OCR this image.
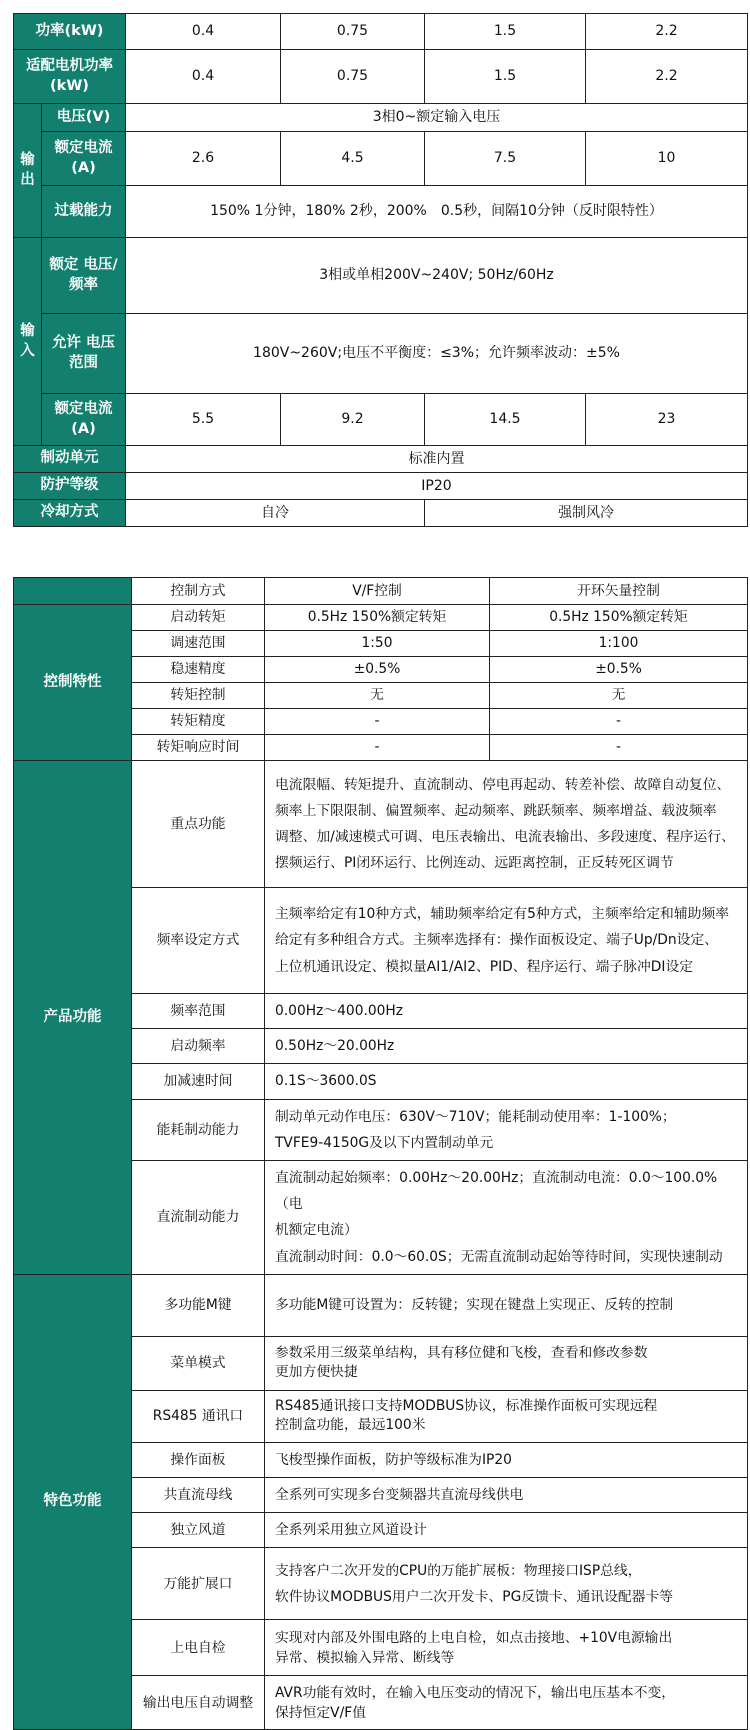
功率(kW)		0.4	0.75	1.5	2.2
适配电机功率 (kW)		0.4	0.75	1.5	2.2
输出	电压(V)	3相0~额定输入电压			
	额定电流 (A)	2.6	4.5	7.5	10
	过载能力	150% 1分钟，180% 2秒，200%　0.5秒，间隔10分钟（反时限特性）			
输入	额定 电压/频率	3相或单相200V~240V; 50Hz/60Hz			
	允许 电压范围	180V~260V;电压不平衡度：≤3%；允许频率波动：±5%			
	额定电流 (A)	5.5	9.2	14.5	23
制动单元		标准内置			
防护等级		IP20			
冷却方式		自冷		强制风冷	
	控制方式	V/F控制	开环矢量控制
控制特性	启动转矩	0.5Hz 150%额定转矩	0.5Hz 150%额定转矩
	调速范围	1:50	1:100
	稳速精度	±0.5%	±0.5%
	转矩控制	无	无
	转矩精度	-	-
	转矩响应时间	-	-
产品功能	重点功能	电流限幅、转矩提升、直流制动、停电再起动、转差补偿、故障自动复位、
频率上下限限制、偏置频率、起动频率、跳跃频率、频率增益、载波频率
调整、加/减速模式可调、电压表输出、电流表输出、多段速度、程序运行、
摆频运行、PI闭环运行、比例连动、远距离控制，正反转死区调节	

	频率设定方式	主频率给定有10种方式，辅助频率给定有5种方式，主频率给定和辅助频率
给定有多种组合方式。主频率选择有：操作面板设定、端子Up/Dn设定、
上位机通讯设定、模拟量AI1/AI2、PID、程序运行、端子脉冲DI设定	

	频率范围	0.00Hz～400.00Hz	
	启动频率	0.50Hz～20.00Hz	
	加减速时间	0.1S～3600.0S	
	能耗制动能力	制动单元动作电压：630V～710V；能耗制动使用率：1-100%；
TVFE9-4150G及以下内置制动单元	

	直流制动能力	直流制动起始频率：0.00Hz～20.00Hz；直流制动电流：0.0～100.0%（电
机额定电流）
直流制动时间：0.0～60.0S；无需直流制动起始等待时间，实现快速制动	

特色功能	多功能M键	多功能M键可设置为：反转键；实现在键盘上实现正、反转的控制	

	菜单模式	参数采用三级菜单结构，具有移位健和飞梭，查看和修改参数
更加方便快捷	

	RS485 通讯口	RS485通讯接口支持MODBUS协议，标准操作面板可实现远程
控制盒功能，最远100米	

	操作面板	飞梭型操作面板，防护等级标准为IP20	

	共直流母线	全系列可实现多台变频器共直流母线供电	

	独立风道	全系列采用独立风道设计	

	万能扩展口	支持客户二次开发的CPU的万能扩展板：物理接口ISP总线，
软件协议MODBUS用户二次开发卡、PG反馈卡、通讯设配器卡等	

	上电自检	实现对内部及外围电路的上电自检，如点击接地、+10V电源输出
异常、模拟输入异常、断线等	

	输出电压自动调整	AVR功能有效时，在输入电压变动的情况下，输出电压基本不变，
保持恒定V/F值	
